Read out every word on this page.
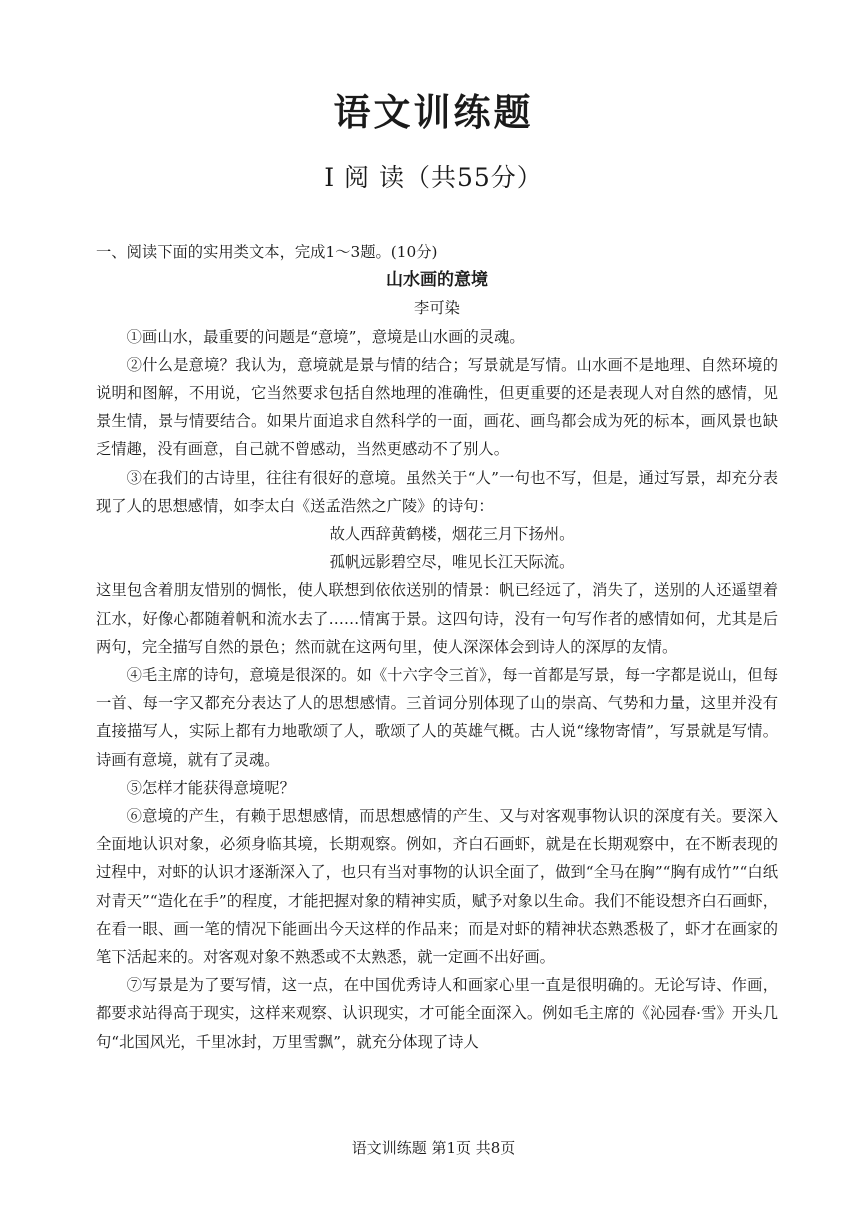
语文训练题
Ⅰ 阅 读（共55分）

一、阅读下面的实用类文本，完成1～3题。(10分)

山水画的意境

李可染

①画山水，最重要的问题是“意境”，意境是山水画的灵魂。

②什么是意境？我认为，意境就是景与情的结合；写景就是写情。山水画不是地理、自然环境的说明和图解，不用说，它当然要求包括自然地理的准确性，但更重要的还是表现人对自然的感情，见景生情，景与情要结合。如果片面追求自然科学的一面，画花、画鸟都会成为死的标本，画风景也缺乏情趣，没有画意，自己就不曾感动，当然更感动不了别人。

③在我们的古诗里，往往有很好的意境。虽然关于“人”一句也不写，但是，通过写景，却充分表现了人的思想感情，如李太白《送孟浩然之广陵》的诗句：

故人西辞黄鹤楼，烟花三月下扬州。

孤帆远影碧空尽，唯见长江天际流。

这里包含着朋友惜别的惆怅，使人联想到依依送别的情景：帆已经远了，消失了，送别的人还遥望着江水，好像心都随着帆和流水去了……情寓于景。这四句诗，没有一句写作者的感情如何，尤其是后两句，完全描写自然的景色；然而就在这两句里，使人深深体会到诗人的深厚的友情。

④毛主席的诗句，意境是很深的。如《十六字令三首》，每一首都是写景，每一字都是说山，但每一首、每一字又都充分表达了人的思想感情。三首词分别体现了山的崇高、气势和力量，这里并没有直接描写人，实际上都有力地歌颂了人，歌颂了人的英雄气概。古人说“缘物寄情”，写景就是写情。诗画有意境，就有了灵魂。

⑤怎样才能获得意境呢？

⑥意境的产生，有赖于思想感情，而思想感情的产生、又与对客观事物认识的深度有关。要深入全面地认识对象，必须身临其境，长期观察。例如，齐白石画虾，就是在长期观察中，在不断表现的过程中，对虾的认识才逐渐深入了，也只有当对事物的认识全面了，做到“全马在胸”“胸有成竹”“白纸对青天”“造化在手”的程度，才能把握对象的精神实质，赋予对象以生命。我们不能设想齐白石画虾，在看一眼、画一笔的情况下能画出今天这样的作品来；而是对虾的精神状态熟悉极了，虾才在画家的笔下活起来的。对客观对象不熟悉或不太熟悉，就一定画不出好画。

⑦写景是为了要写情，这一点，在中国优秀诗人和画家心里一直是很明确的。无论写诗、作画，都要求站得高于现实，这样来观察、认识现实，才可能全面深入。例如毛主席的《沁园春·雪》开头几句“北国风光，千里冰封，万里雪飘”，就充分体现了诗人

语文训练题 第1页 共8页
